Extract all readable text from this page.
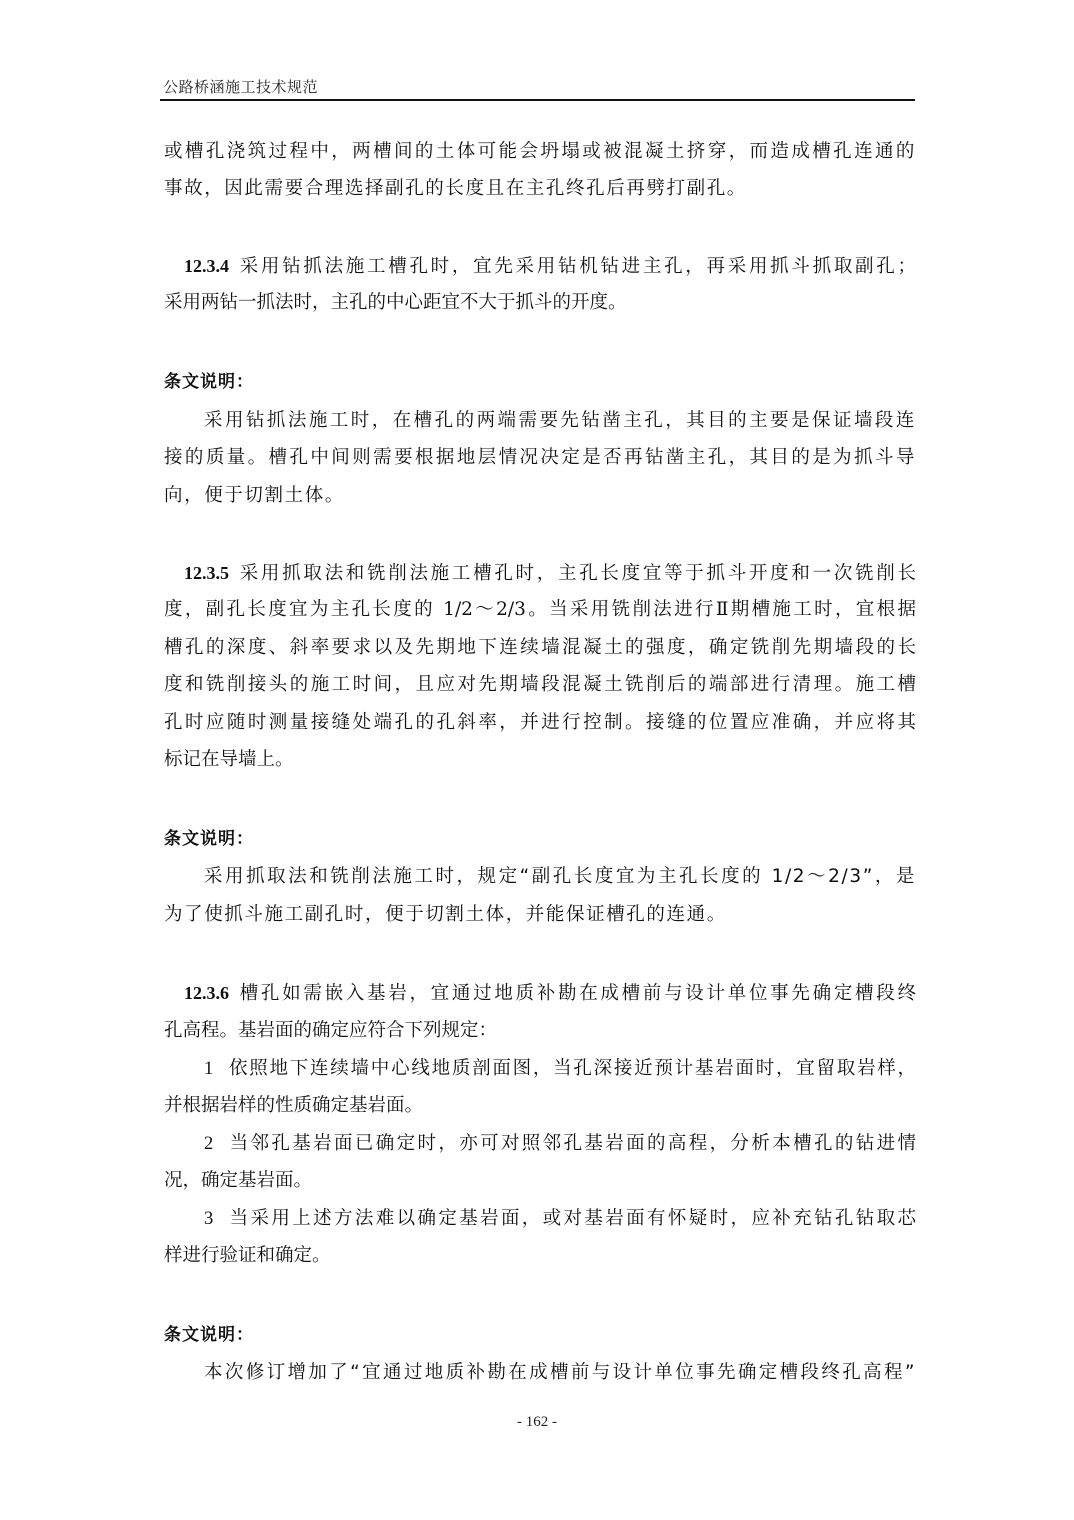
公路桥涵施工技术规范
或槽孔浇筑过程中，两槽间的土体可能会坍塌或被混凝土挤穿，而造成槽孔连通的
事故，因此需要合理选择副孔的长度且在主孔终孔后再劈打副孔。
12.3.4 采用钻抓法施工槽孔时，宜先采用钻机钻进主孔，再采用抓斗抓取副孔；
采用两钻一抓法时，主孔的中心距宜不大于抓斗的开度。
条文说明：
采用钻抓法施工时，在槽孔的两端需要先钻凿主孔，其目的主要是保证墙段连
接的质量。槽孔中间则需要根据地层情况决定是否再钻凿主孔，其目的是为抓斗导
向，便于切割土体。
12.3.5 采用抓取法和铣削法施工槽孔时，主孔长度宜等于抓斗开度和一次铣削长
度，副孔长度宜为主孔长度的 1/2～2/3。当采用铣削法进行Ⅱ期槽施工时，宜根据
槽孔的深度、斜率要求以及先期地下连续墙混凝土的强度，确定铣削先期墙段的长
度和铣削接头的施工时间，且应对先期墙段混凝土铣削后的端部进行清理。施工槽
孔时应随时测量接缝处端孔的孔斜率，并进行控制。接缝的位置应准确，并应将其
标记在导墙上。
条文说明：
采用抓取法和铣削法施工时，规定“副孔长度宜为主孔长度的 1/2～2/3”，是
为了使抓斗施工副孔时，便于切割土体，并能保证槽孔的连通。
12.3.6 槽孔如需嵌入基岩，宜通过地质补勘在成槽前与设计单位事先确定槽段终
孔高程。基岩面的确定应符合下列规定：
1 依照地下连续墙中心线地质剖面图，当孔深接近预计基岩面时，宜留取岩样，
并根据岩样的性质确定基岩面。
2 当邻孔基岩面已确定时，亦可对照邻孔基岩面的高程，分析本槽孔的钻进情
况，确定基岩面。
3 当采用上述方法难以确定基岩面，或对基岩面有怀疑时，应补充钻孔钻取芯
样进行验证和确定。
条文说明：
本次修订增加了“宜通过地质补勘在成槽前与设计单位事先确定槽段终孔高程”
- 162 -
